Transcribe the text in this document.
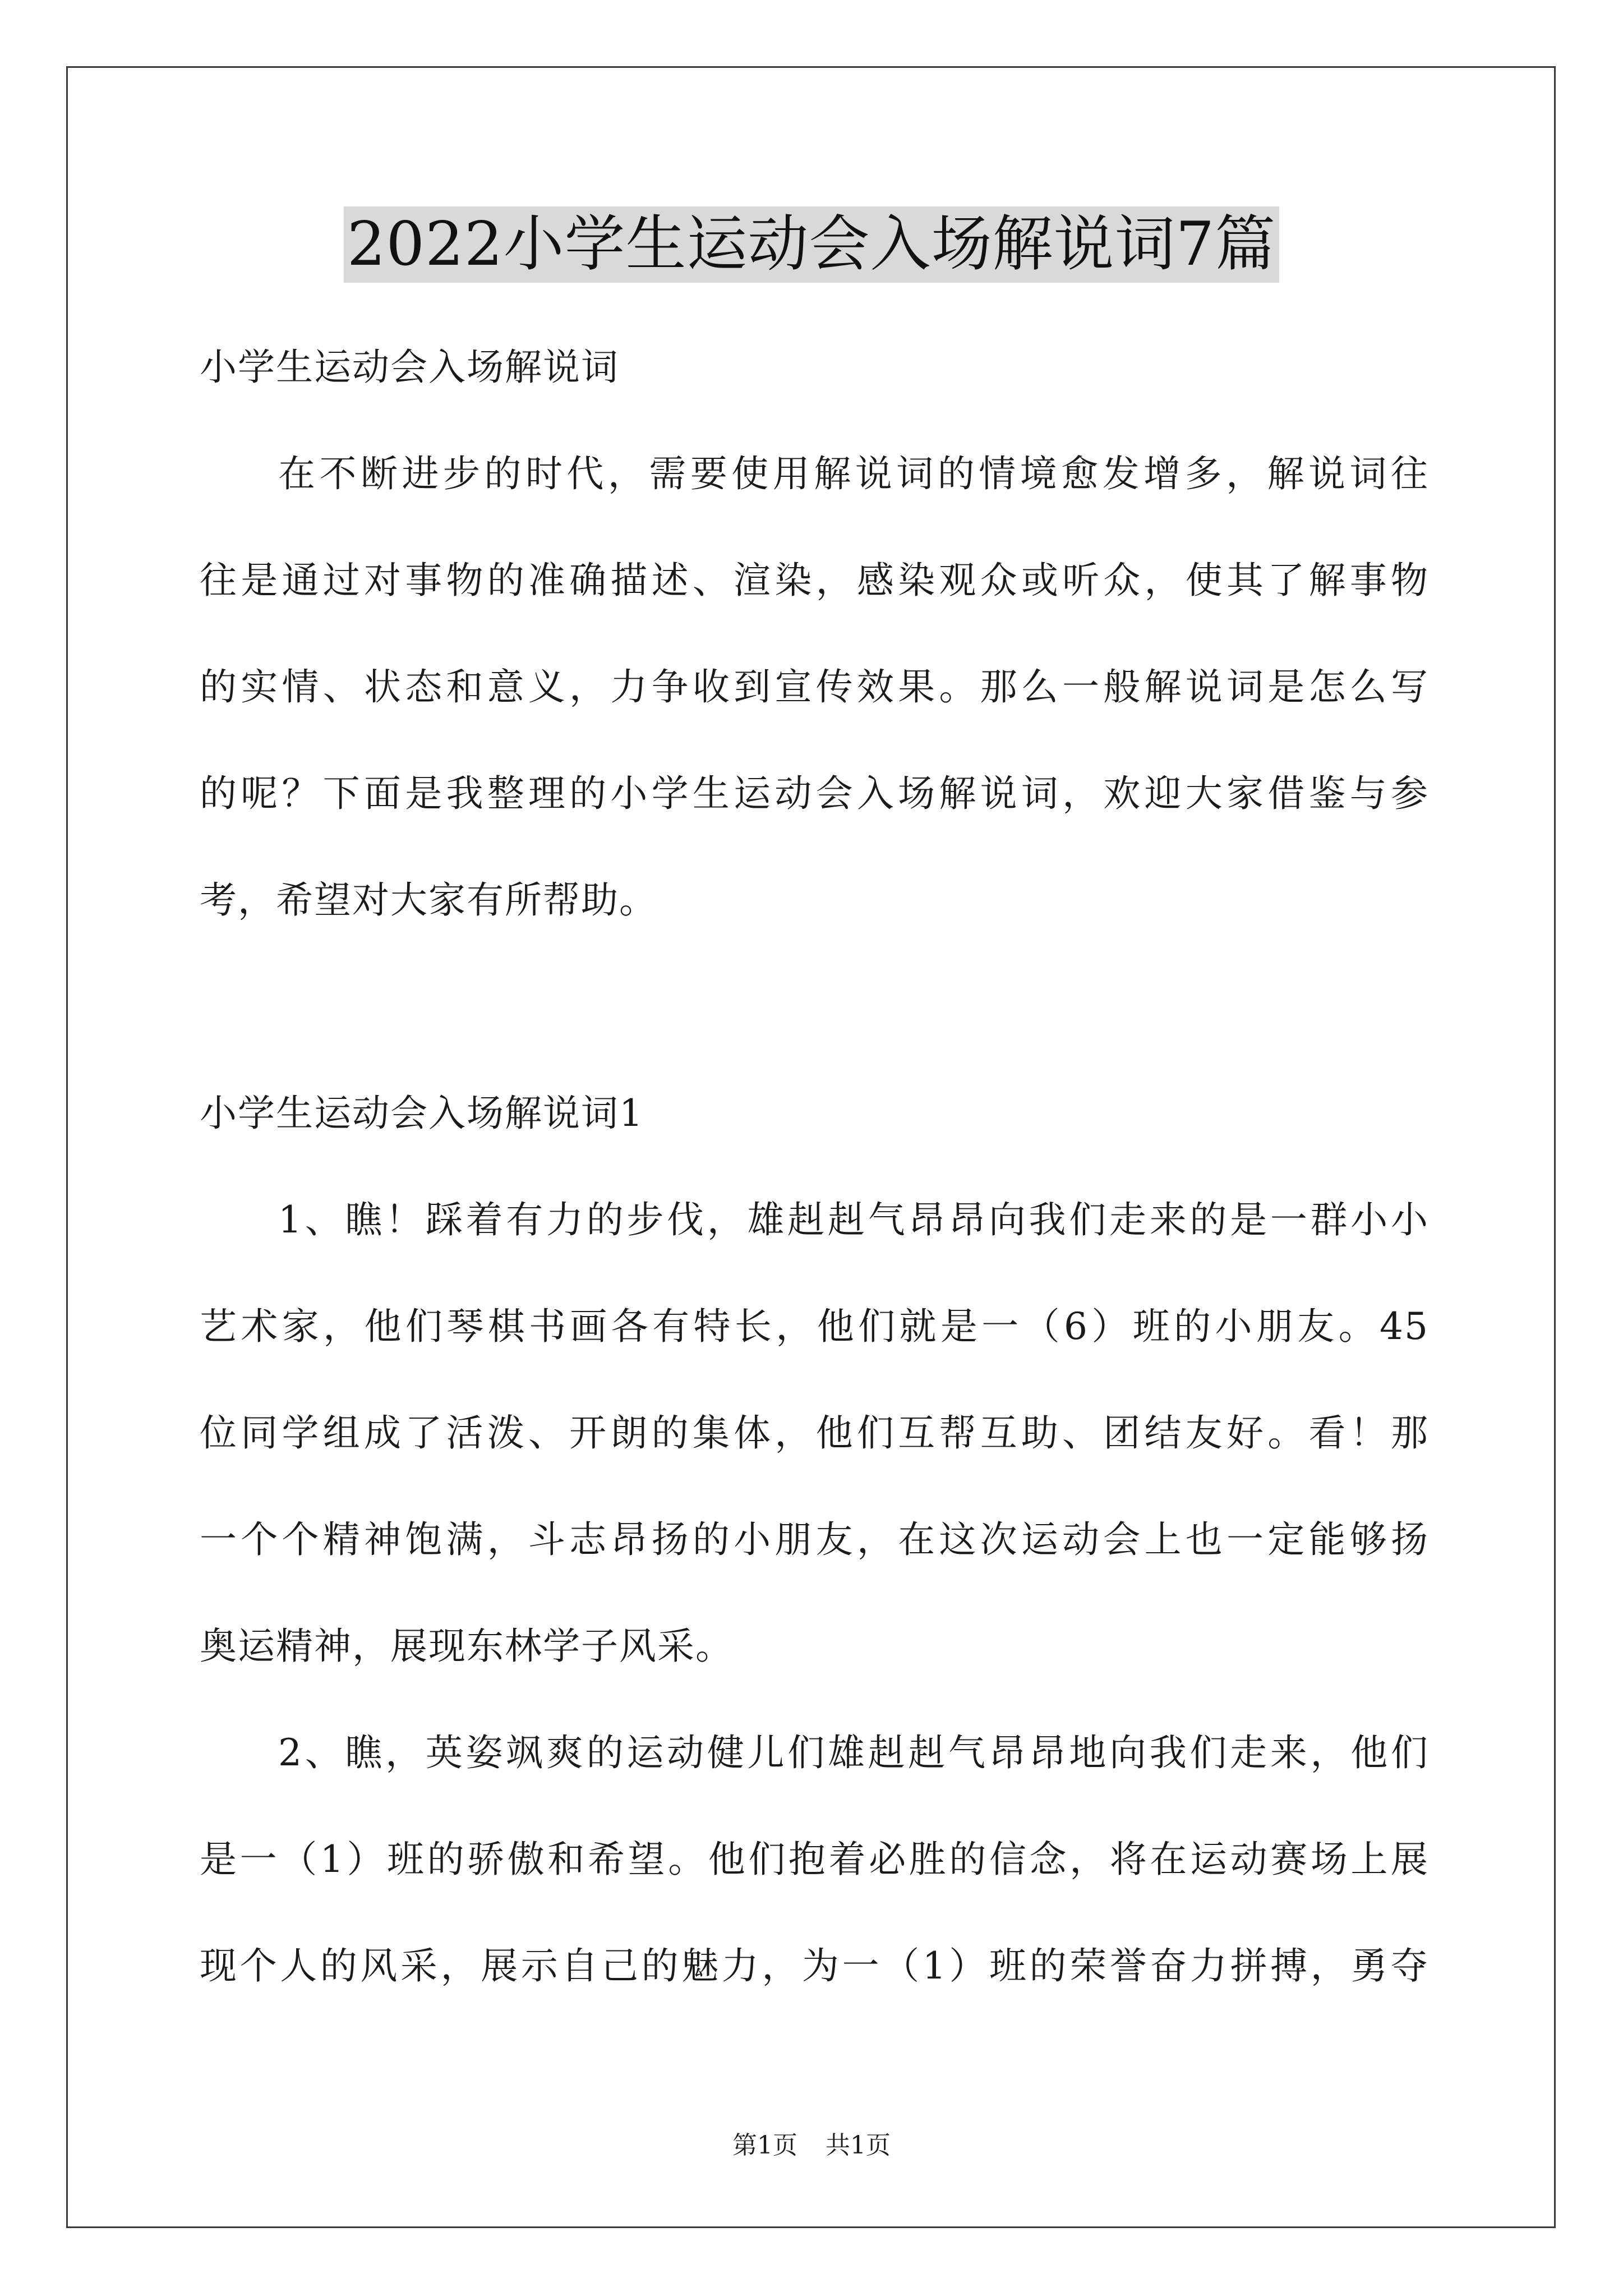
2022小学生运动会入场解说词7篇
小学生运动会入场解说词
在不断进步的时代，需要使用解说词的情境愈发增多，解说词往
往是通过对事物的准确描述、渲染，感染观众或听众，使其了解事物
的实情、状态和意义，力争收到宣传效果。那么一般解说词是怎么写
的呢？下面是我整理的小学生运动会入场解说词，欢迎大家借鉴与参
考，希望对大家有所帮助。
小学生运动会入场解说词1
1、瞧！踩着有力的步伐，雄赳赳气昂昂向我们走来的是一群小小
艺术家，他们琴棋书画各有特长，他们就是一（6）班的小朋友。45
位同学组成了活泼、开朗的集体，他们互帮互助、团结友好。看！那
一个个精神饱满，斗志昂扬的小朋友，在这次运动会上也一定能够扬
奥运精神，展现东林学子风采。
2、瞧，英姿飒爽的运动健儿们雄赳赳气昂昂地向我们走来，他们
是一（1）班的骄傲和希望。他们抱着必胜的信念，将在运动赛场上展
现个人的风采，展示自己的魅力，为一（1）班的荣誉奋力拼搏，勇夺
第1页 共1页
